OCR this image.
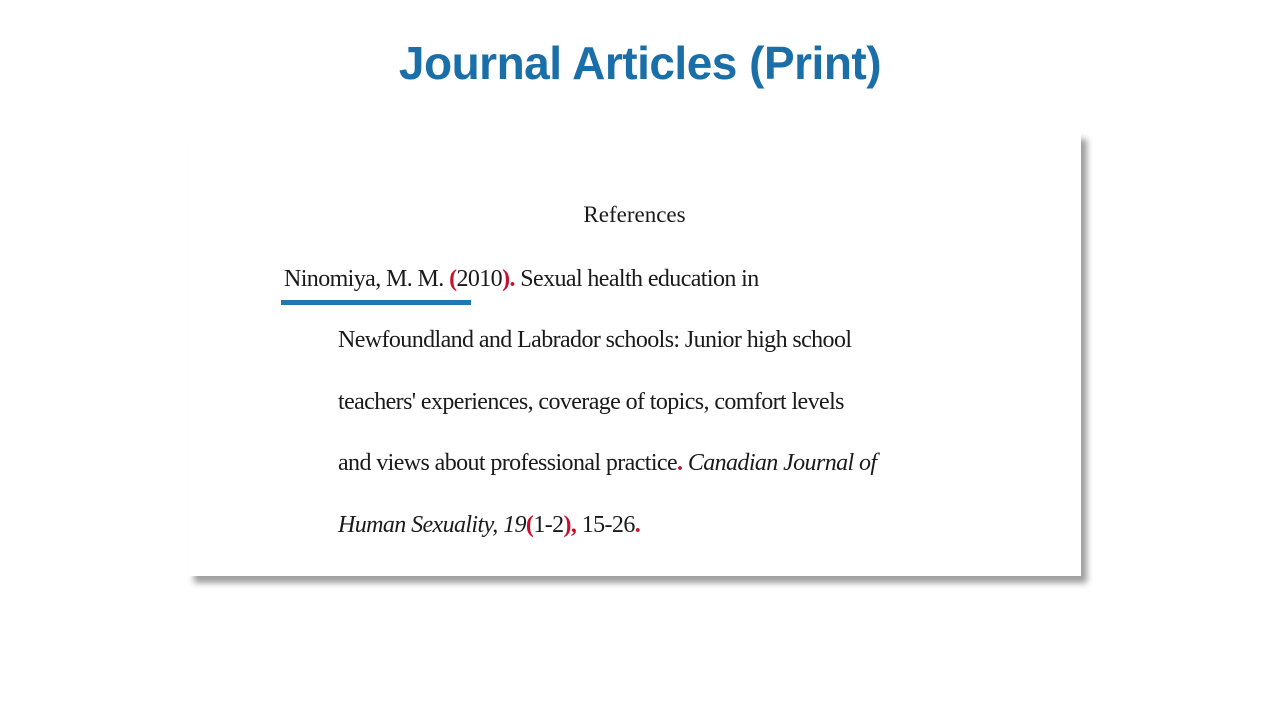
Journal Articles (Print)
References
Ninomiya, M. M. (2010). Sexual health education in
Newfoundland and Labrador schools: Junior high school
teachers' experiences, coverage of topics, comfort levels
and views about professional practice. Canadian Journal of
Human Sexuality, 19(1-2), 15-26.
